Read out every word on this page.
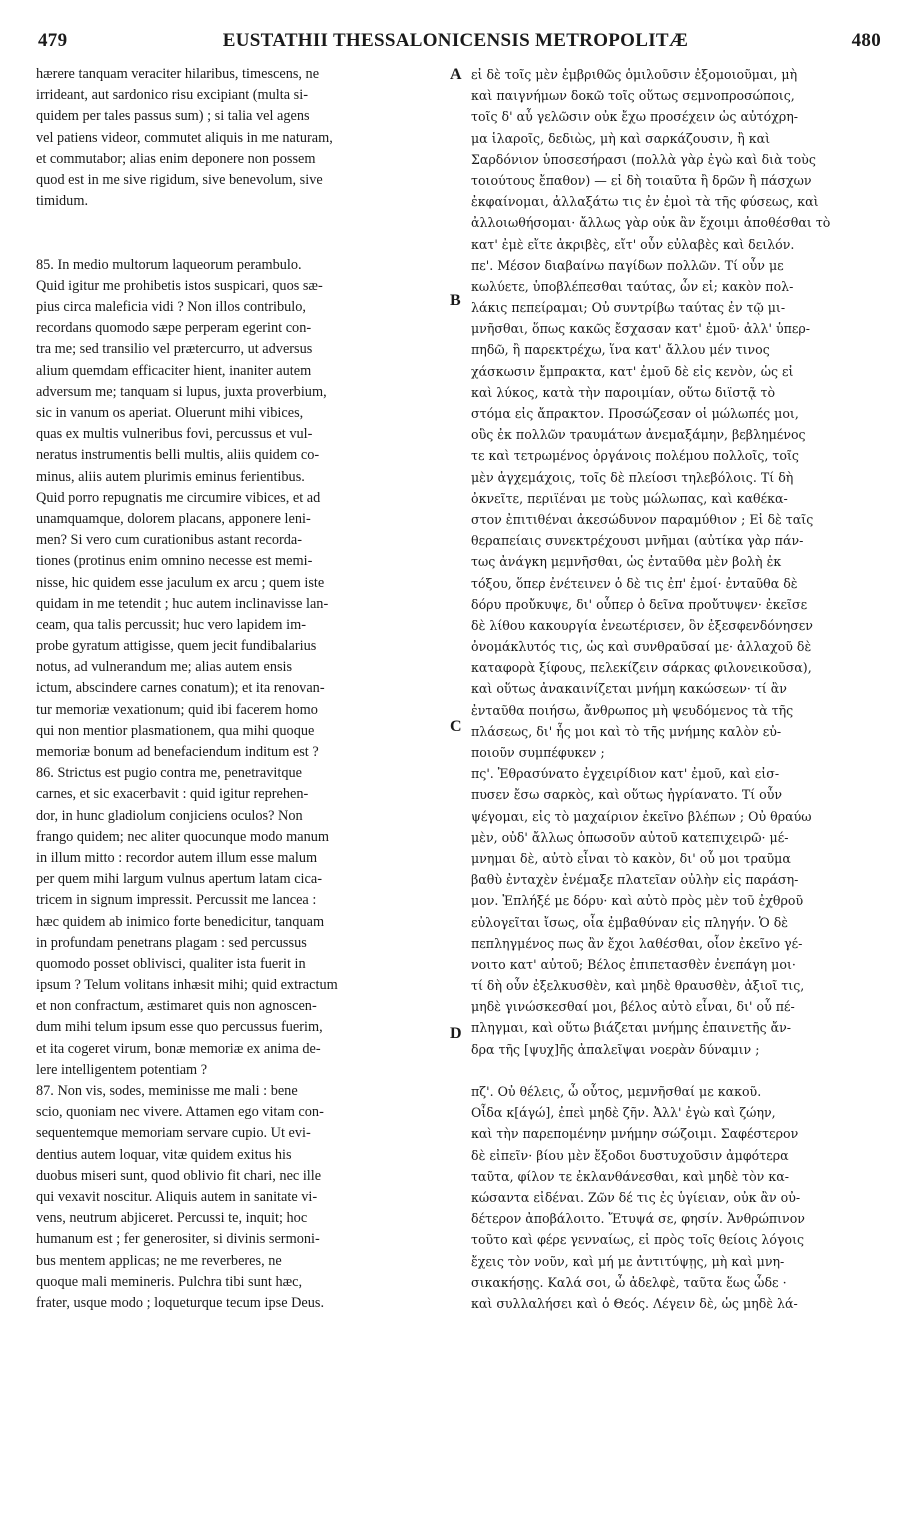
479	EUSTATHII THESSALONICENSIS METROPOLITÆ	480
hærere tanquam veraciter hilaribus, timescens, ne
irrideant, aut sardonico risu excipiant (multa si-
quidem per tales passus sum) ; si talia vel agens
vel patiens videor, commutet aliquis in me naturam,
et commutabor; alias enim deponere non possem
quod est in me sive rigidum, sive benevolum, sive
timidum.
85. In medio multorum laqueorum perambulo.
Quid igitur me prohibetis istos suspicari, quos sæ-
pius circa maleficia vidi ? Non illos contribulo,
recordans quomodo sæpe perperam egerint con-
tra me; sed transilio vel prætercurro, ut adversus
alium quemdam efficaciter hient, inaniter autem
adversum me; tanquam si lupus, juxta proverbium,
sic in vanum os aperiat. Oluerunt mihi vibices,
quas ex multis vulneribus fovi, percussus et vul-
neratus instrumentis belli multis, aliis quidem co-
minus, aliis autem plurimis eminus ferientibus.
Quid porro repugnatis me circumire vibices, et ad
unamquamque, dolorem placans, apponere leni-
men? Si vero cum curationibus astant recorda-
tiones (protinus enim omnino necesse est memi-
nisse, hic quidem esse jaculum ex arcu ; quem iste
quidam in me tetendit ; huc autem inclinavisse lan-
ceam, qua talis percussit; huc vero lapidem im-
probe gyratum attigisse, quem jecit fundibalarius
notus, ad vulnerandum me; alias autem ensis
ictum, abscindere carnes conatum); et ita renovan-
tur memoriæ vexationum; quid ibi facerem homo
qui non mentior plasmationem, qua mihi quoque
memoriæ bonum ad benefaciendum inditum est ?
86. Strictus est pugio contra me, penetravitque
carnes, et sic exacerbavit : quid igitur reprehen-
dor, in hunc gladiolum conjiciens oculos? Non
frango quidem; nec aliter quocunque modo manum
in illum mitto : recordor autem illum esse malum
per quem mihi largum vulnus apertum latam cica-
tricem in signum impressit. Percussit me lancea :
hæc quidem ab inimico forte benedicitur, tanquam
in profundam penetrans plagam : sed percussus
quomodo posset oblivisci, qualiter ista fuerit in
ipsum ? Telum volitans inhæsit mihi; quid extractum
et non confractum, æstimaret quis non agnoscen-
dum mihi telum ipsum esse quo percussus fuerim,
et ita cogeret virum, bonæ memoriæ ex anima de-
lere intelligentem potentiam ?
87. Non vis, sodes, meminisse me mali : bene
scio, quoniam nec vivere. Attamen ego vitam con-
sequentemque memoriam servare cupio. Ut evi-
dentius autem loquar, vitæ quidem exitus his
duobus miseri sunt, quod oblivio fit chari, nec ille
qui vexavit noscitur. Aliquis autem in sanitate vi-
vens, neutrum abjiceret. Percussi te, inquit; hoc
humanum est ; fer generositer, si divinis sermoni-
bus mentem applicas; ne me reverberes, ne
quoque mali memineris. Pulchra tibi sunt hæc,
frater, usque modo ; loqueturque tecum ipse Deus.
εἰ δὲ τοῖς μὲν ἐμβριθῶς ὁμιλοῦσιν ἐξομοιοῦμαι, μὴ
καὶ παιγνήμων δοκῶ τοῖς οὕτως σεμνοπροσώποις,
τοῖς δ' αὖ γελῶσιν οὐκ ἔχω προσέχειν ὡς αὐτόχρη-
μα ἱλαροῖς, δεδιὼς, μὴ καὶ σαρκάζουσιν, ἢ καὶ
Σαρδόνιον ὑποσεσήρασι (πολλὰ γὰρ ἐγὼ καὶ διὰ τοὺς
τοιούτους ἔπαθον) — εἰ δὴ τοιαῦτα ἢ δρῶν ἢ πάσχων
ἐκφαίνομαι, ἀλλαξάτω τις ἐν ἐμοὶ τὰ τῆς φύσεως, καὶ
ἀλλοιωθήσομαι· ἄλλως γὰρ οὐκ ἂν ἔχοιμι ἀποθέσθαι τὸ
κατ' ἐμὲ εἴτε ἀκριβὲς, εἴτ' οὖν εὐλαβὲς καὶ δειλόν.
πε'. Μέσον διαβαίνω παγίδων πολλῶν. Τί οὖν με
κωλύετε, ὑποβλέπεσθαι ταύτας, ὧν εἰ; κακὸν πολ-
λάκις πεπείραμαι; Οὐ συντρίβω ταύτας ἐν τῷ μι-
μνῆσθαι, ὅπως κακῶς ἔσχασαν κατ' ἐμοῦ· ἀλλ' ὑπερ-
πηδῶ, ἢ παρεκτρέχω, ἵνα κατ' ἄλλου μέν τινος
χάσκωσιν ἔμπρακτα, κατ' ἐμοῦ δὲ εἰς κενὸν, ὡς εἰ
καὶ λύκος, κατὰ τὴν παροιμίαν, οὕτω διϊστᾷ τὸ
στόμα εἰς ἄπρακτον. Προσώζεσαν οἱ μώλωπές μοι,
οὓς ἐκ πολλῶν τραυμάτων ἀνεμαξάμην, βεβλημένος
τε καὶ τετρωμένος ὀργάνοις πολέμου πολλοῖς, τοῖς
μὲν ἀγχεμάχοις, τοῖς δὲ πλείοσι τηλεβόλοις. Τί δὴ
ὀκνεῖτε, περιϊέναι με τοὺς μώλωπας, καὶ καθέκα-
στον ἐπιτιθέναι ἀκεσώδυνον παραμύθιον ; Εἰ δὲ ταῖς
θεραπείαις συνεκτρέχουσι μνῆμαι (αὐτίκα γὰρ πάν-
τως ἀνάγκη μεμνῆσθαι, ὡς ἐνταῦθα μὲν βολὴ ἐκ
τόξου, ὅπερ ἐνέτεινεν ὁ δὲ τις ἐπ' ἐμοί· ἐνταῦθα δὲ
δόρυ προὔκυψε, δι' οὗπερ ὁ δεῖνα προὔτυψεν· ἐκεῖσε
δὲ λίθου κακουργία ἐνεωτέρισεν, ὃν ἐξεσφενδόνησεν
ὀνομάκλυτός τις, ὡς καὶ συνθραῦσαί με· ἀλλαχοῦ δὲ
καταφορὰ ξίφους, πελεκίζειν σάρκας φιλονεικοῦσα),
καὶ οὕτως ἀνακαινίζεται μνήμη κακώσεων· τί ἂν
ἐνταῦθα ποιήσω, ἄνθρωπος μὴ ψευδόμενος τὰ τῆς
πλάσεως, δι' ἧς μοι καὶ τὸ τῆς μνήμης καλὸν εὐ-
ποιοῦν συμπέφυκεν ;
πς'. Ἐθρασύνατο ἐγχειρίδιον κατ' ἐμοῦ, καὶ εἰσ-
πυσεν ἔσω σαρκὸς, καὶ οὕτως ἠγρίανατο. Τί οὖν
ψέγομαι, εἰς τὸ μαχαίριον ἐκεῖνο βλέπων ; Οὐ θραύω
μὲν, οὐδ' ἄλλως ὁπωσοῦν αὐτοῦ κατεπιχειρῶ· μέ-
μνημαι δὲ, αὐτὸ εἶναι τὸ κακὸν, δι' οὗ μοι τραῦμα
βαθὺ ἐνταχὲν ἐνέμαξε πλατεῖαν οὐλὴν εἰς παράση-
μον. Ἐπλήξέ με δόρυ· καὶ αὐτὸ πρὸς μὲν τοῦ ἐχθροῦ
εὐλογεῖται ἴσως, οἷα ἐμβαθύναν εἰς πληγήν. Ὁ δὲ
πεπληγμένος πως ἂν ἔχοι λαθέσθαι, οἷον ἐκεῖνο γέ-
νοιτο κατ' αὐτοῦ; Βέλος ἐπιπετασθὲν ἐνεπάγη μοι·
τί δὴ οὖν ἐξελκυσθὲν, καὶ μηδὲ θραυσθὲν, ἀξιοῖ τις,
μηδὲ γινώσκεσθαί μοι, βέλος αὐτὸ εἶναι, δι' οὗ πέ-
πληγμαι, καὶ οὕτω βιάζεται μνήμης ἐπαινετῆς ἄν-
δρα τῆς [ψυχ]ῆς ἀπαλεῖψαι νοερὰν δύναμιν ;
πζ'. Οὐ θέλεις, ὦ οὗτος, μεμνῆσθαί με κακοῦ.
Οἶδα κ[άγώ], ἐπεὶ μηδὲ ζῆν. Ἀλλ' ἐγὼ καὶ ζώην,
καὶ τὴν παρεπομένην μνήμην σώζοιμι. Σαφέστερον
δὲ εἰπεῖν· βίου μὲν ἔξοδοι δυστυχοῦσιν ἀμφότερα
ταῦτα, φίλον τε ἐκλανθάνεσθαι, καὶ μηδὲ τὸν κα-
κώσαντα εἰδέναι. Ζῶν δέ τις ἐς ὑγίειαν, οὐκ ἂν οὐ-
δέτερον ἀποβάλοιτο. Ἔτυψά σε, φησίν. Ἀνθρώπινον
τοῦτο καὶ φέρε γενναίως, εἰ πρὸς τοῖς θείοις λόγοις
ἔχεις τὸν νοῦν, καὶ μή με ἀντιτύψῃς, μὴ καὶ μνη-
σικακήσῃς. Καλά σοι, ὦ ἀδελφὲ, ταῦτα ἕως ὧδε ·
καὶ συλλαλήσει καὶ ὁ Θεός. Λέγειν δὲ, ὡς μηδὲ λά-
A
B
C
D
